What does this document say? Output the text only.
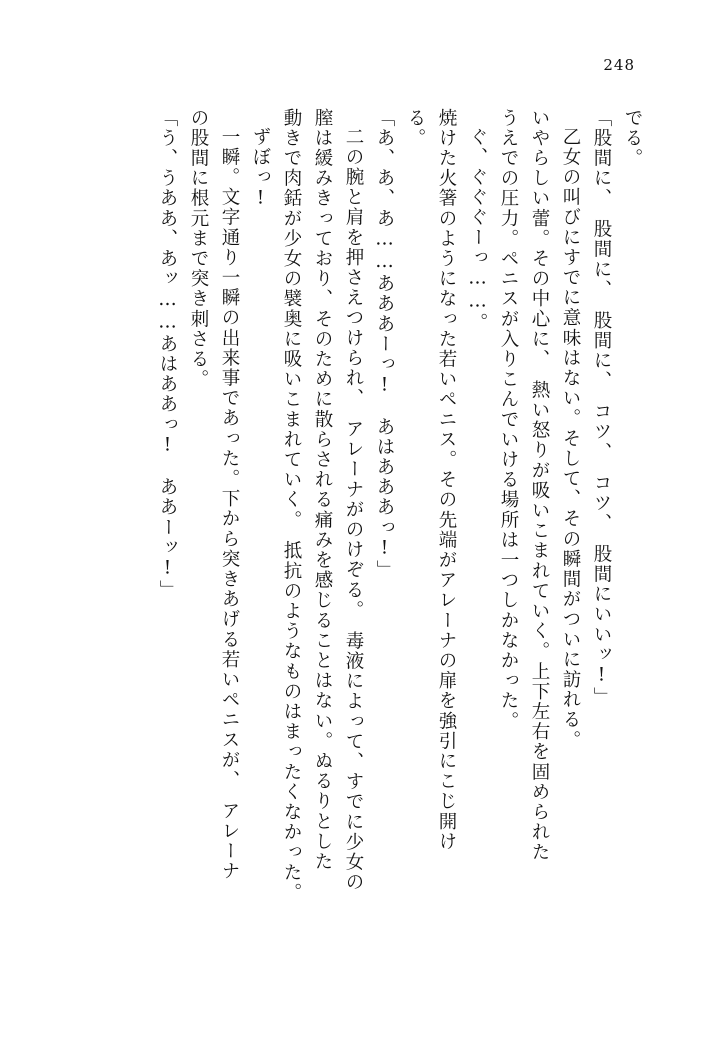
248
でる。
「股間に、　股間に、　股間に、　コツ、　コツ、　股間にいいッ!」
乙女の叫びにすでに意味はない。そして、その瞬間がついに訪れる。
いやらしい蕾。その中心に、　熱い怒りが吸いこまれていく。上下左右を固められた
うえでの圧力。ペニスが入りこんでいける場所は一つしかなかった。
ぐ、ぐぐぐーっ……。
焼けた火箸のようになった若いペニス。その先端がアレーナの扉を強引にこじ開け
る。
「あ、あ、あ……あああーっ!　あはあああっ!」
二の腕と肩を押さえつけられ、　アレーナがのけぞる。　毒液によって、すでに少女の
膣は緩みきっており、そのために散らされる痛みを感じることはない。ぬるりとした
動きで肉銛が少女の襞奥に吸いこまれていく。　抵抗のようなものはまったくなかった。
ずぼっ!
一瞬。文字通り一瞬の出来事であった。下から突きあげる若いペニスが、　アレーナ
の股間に根元まで突き刺さる。
「う、うああ、あッ……あはああっ!　ああーッ!」
